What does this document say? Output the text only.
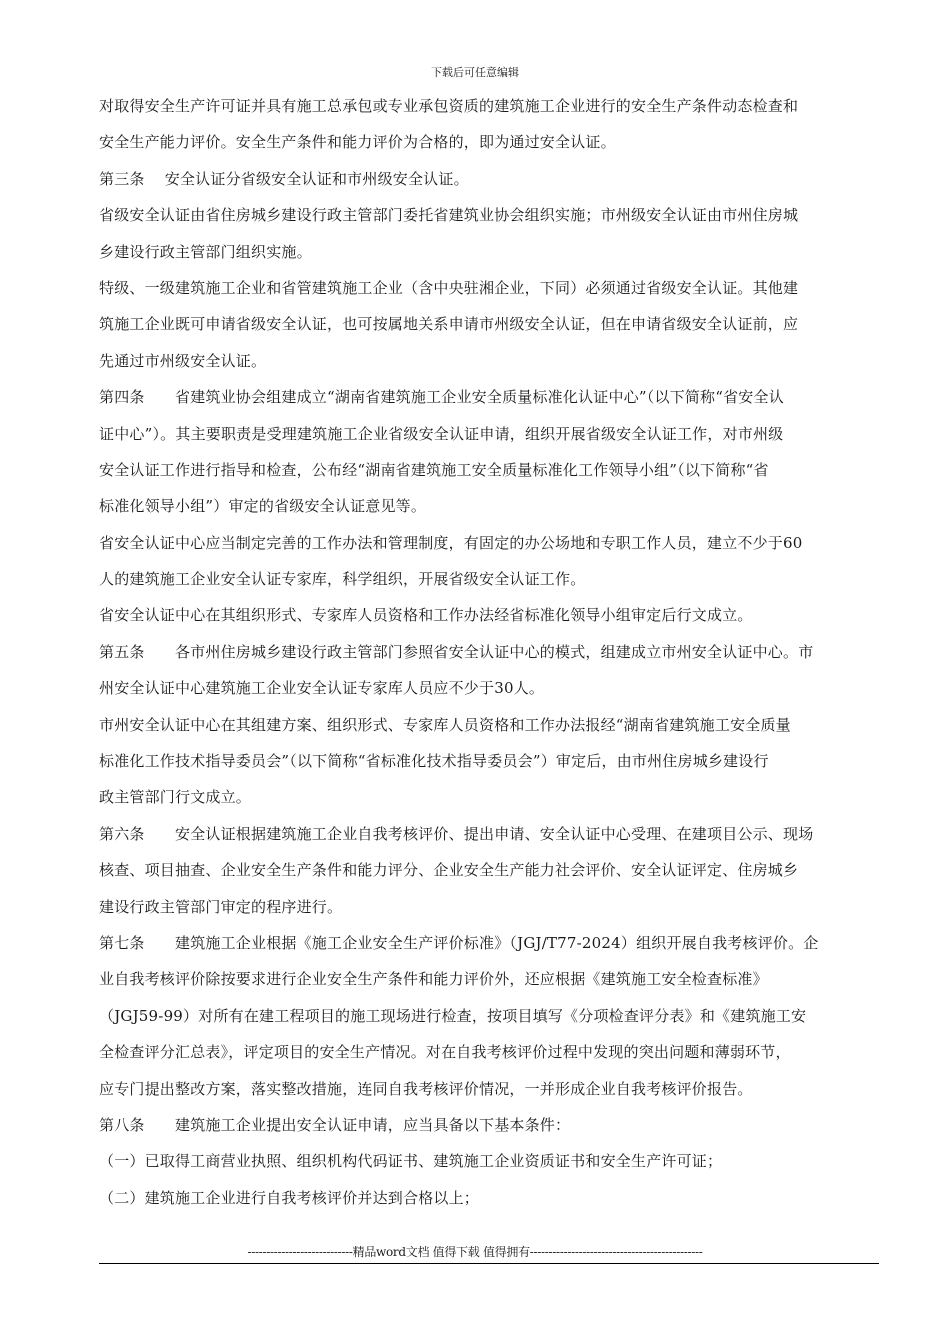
下载后可任意编辑
对取得安全生产许可证并具有施工总承包或专业承包资质的建筑施工企业进行的安全生产条件动态检查和
安全生产能力评价。安全生产条件和能力评价为合格的，即为通过安全认证。
第三条　 安全认证分省级安全认证和市州级安全认证。
省级安全认证由省住房城乡建设行政主管部门委托省建筑业协会组织实施；市州级安全认证由市州住房城
乡建设行政主管部门组织实施。
特级、一级建筑施工企业和省管建筑施工企业（含中央驻湘企业，下同）必须通过省级安全认证。其他建
筑施工企业既可申请省级安全认证，也可按属地关系申请市州级安全认证，但在申请省级安全认证前，应
先通过市州级安全认证。
第四条　　省建筑业协会组建成立“湖南省建筑施工企业安全质量标准化认证中心”（以下简称“省安全认
证中心”）。其主要职责是受理建筑施工企业省级安全认证申请，组织开展省级安全认证工作，对市州级
安全认证工作进行指导和检查，公布经“湖南省建筑施工安全质量标准化工作领导小组”（以下简称“省
标准化领导小组”）审定的省级安全认证意见等。
省安全认证中心应当制定完善的工作办法和管理制度，有固定的办公场地和专职工作人员，建立不少于60
人的建筑施工企业安全认证专家库，科学组织，开展省级安全认证工作。
省安全认证中心在其组织形式、专家库人员资格和工作办法经省标准化领导小组审定后行文成立。
第五条　　各市州住房城乡建设行政主管部门参照省安全认证中心的模式，组建成立市州安全认证中心。市
州安全认证中心建筑施工企业安全认证专家库人员应不少于30人。
市州安全认证中心在其组建方案、组织形式、专家库人员资格和工作办法报经“湖南省建筑施工安全质量
标准化工作技术指导委员会”（以下简称“省标准化技术指导委员会”）审定后，由市州住房城乡建设行
政主管部门行文成立。
第六条　　安全认证根据建筑施工企业自我考核评价、提出申请、安全认证中心受理、在建项目公示、现场
核查、项目抽查、企业安全生产条件和能力评分、企业安全生产能力社会评价、安全认证评定、住房城乡
建设行政主管部门审定的程序进行。
第七条　　建筑施工企业根据《施工企业安全生产评价标准》（JGJ/T77-2024）组织开展自我考核评价。企
业自我考核评价除按要求进行企业安全生产条件和能力评价外，还应根据《建筑施工安全检查标准》
（JGJ59-99）对所有在建工程项目的施工现场进行检查，按项目填写《分项检查评分表》和《建筑施工安
全检查评分汇总表》，评定项目的安全生产情况。对在自我考核评价过程中发现的突出问题和薄弱环节，
应专门提出整改方案，落实整改措施，连同自我考核评价情况，一并形成企业自我考核评价报告。
第八条　　建筑施工企业提出安全认证申请，应当具备以下基本条件：
（一）已取得工商营业执照、组织机构代码证书、建筑施工企业资质证书和安全生产许可证；
（二）建筑施工企业进行自我考核评价并达到合格以上；
----------------------------精品word文档 值得下载 值得拥有----------------------------------------------
